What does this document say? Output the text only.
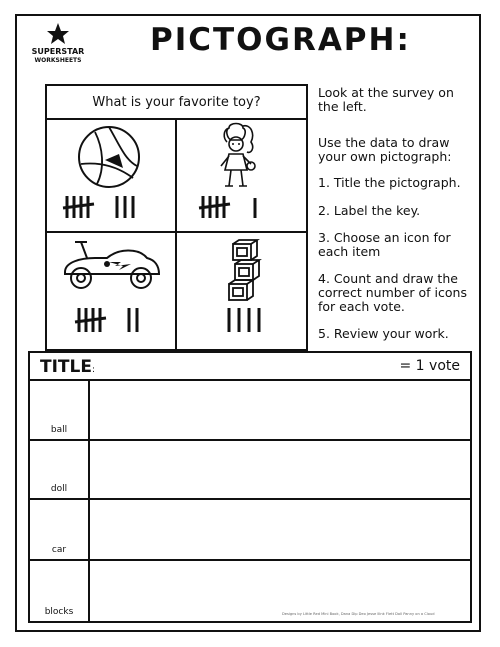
SUPERSTAR
WORKSHEETS
PICTOGRAPH:
What is your favorite toy?
Look at the survey on the left.
Use the data to draw your own pictograph:
1. Title the pictograph.
2. Label the key.
3. Choose an icon for each item
4. Count and draw the correct number of icons for each vote.
5. Review your work.
TITLE:	= 1 vote
ball
doll
car
blocks	Designs by Little Red Mini Book, Dana Dip Deo Jesse Illnk Flett Doll Panny on a Cloud
